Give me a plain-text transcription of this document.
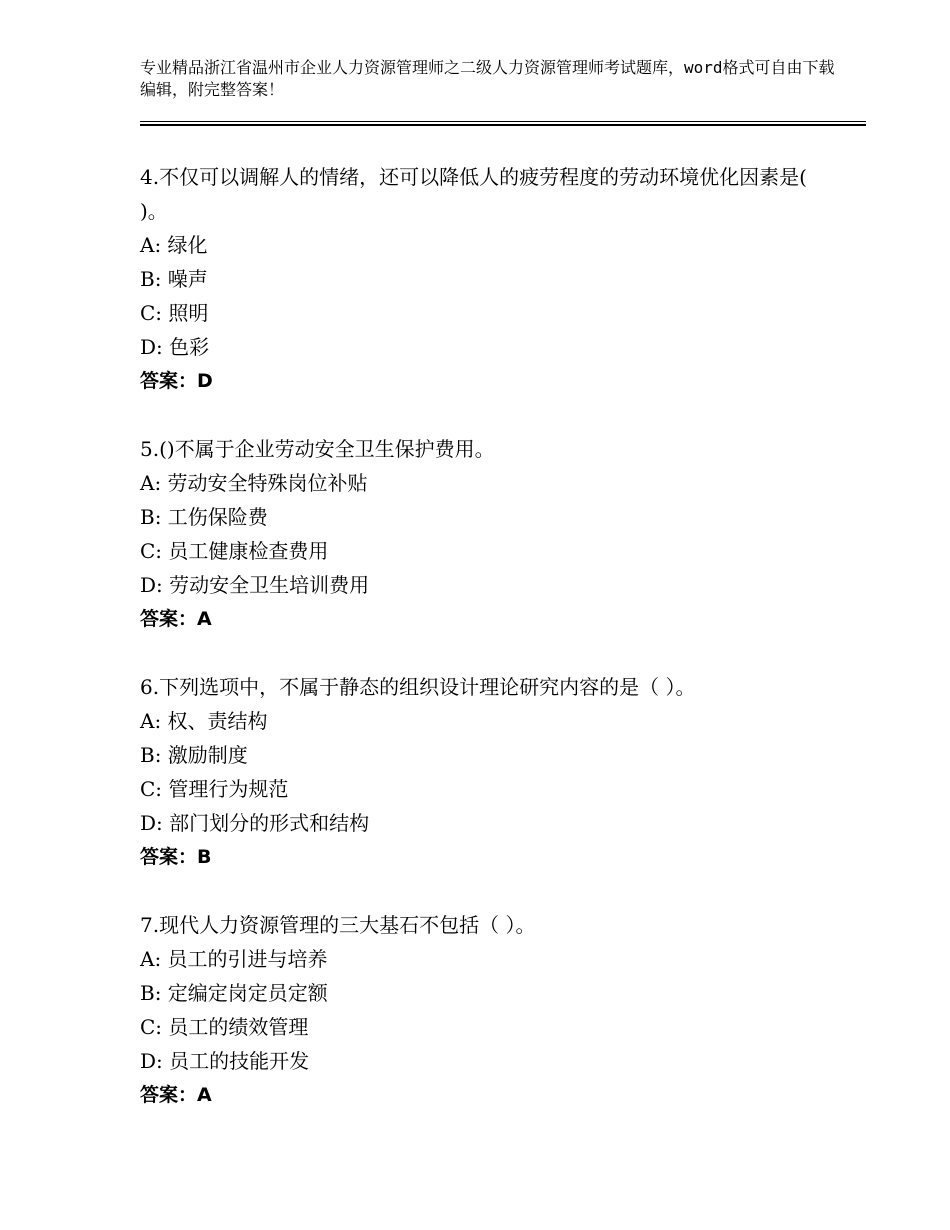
专业精品浙江省温州市企业人力资源管理师之二级人力资源管理师考试题库，word格式可自由下载编辑，附完整答案！
4.不仅可以调解人的情绪，还可以降低人的疲劳程度的劳动环境优化因素是( )。
A: 绿化
B: 噪声
C: 照明
D: 色彩
答案：D
5.()不属于企业劳动安全卫生保护费用。
A: 劳动安全特殊岗位补贴
B: 工伤保险费
C: 员工健康检查费用
D: 劳动安全卫生培训费用
答案：A
6.下列选项中，不属于静态的组织设计理论研究内容的是（ ）。
A: 权、责结构
B: 激励制度
C: 管理行为规范
D: 部门划分的形式和结构
答案：B
7.现代人力资源管理的三大基石不包括（ ）。
A: 员工的引进与培养
B: 定编定岗定员定额
C: 员工的绩效管理
D: 员工的技能开发
答案：A
